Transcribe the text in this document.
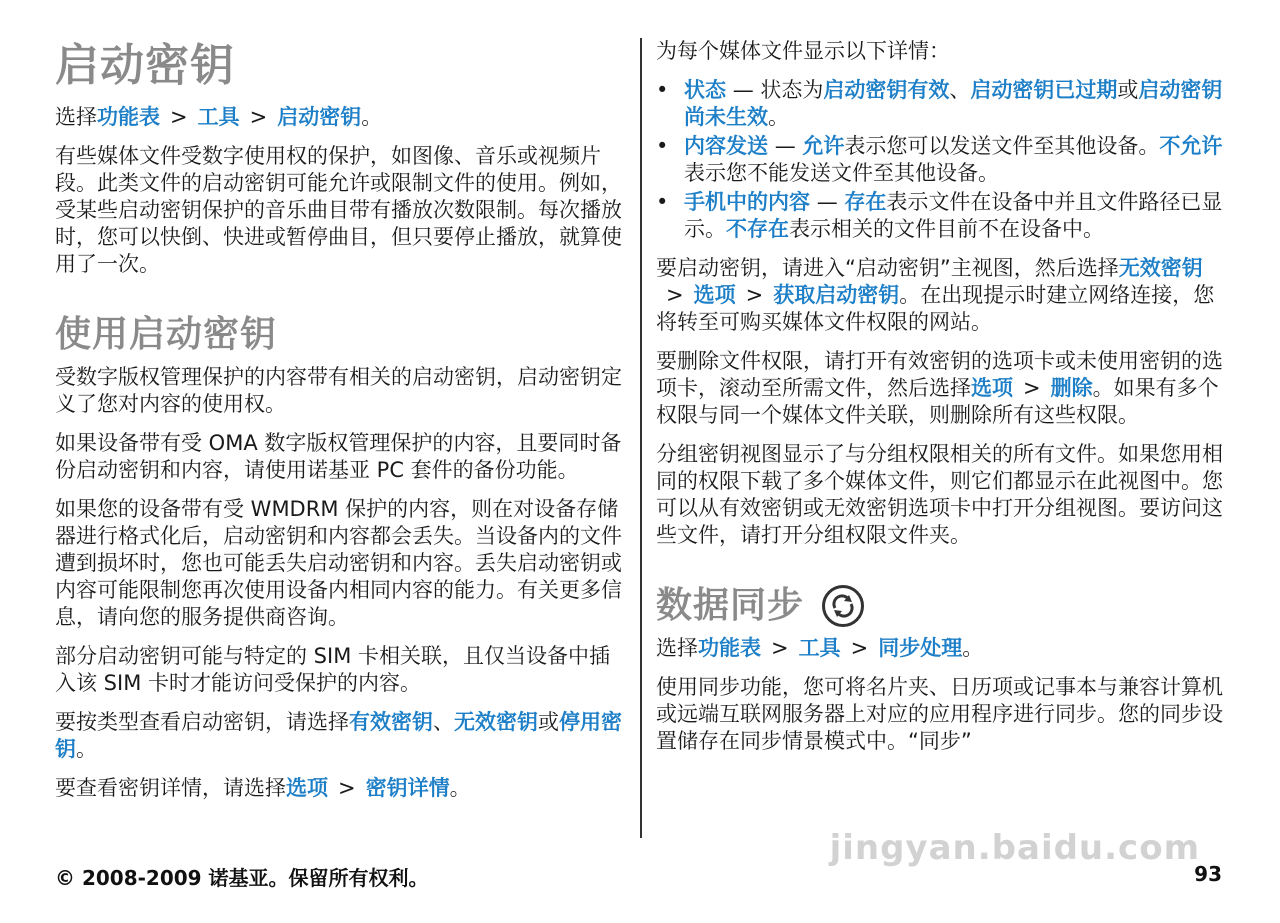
启动密钥

选择功能表 > 工具 > 启动密钥。

有些媒体文件受数字使用权的保护，如图像、音乐或视频片段。此类文件的启动密钥可能允许或限制文件的使用。例如，受某些启动密钥保护的音乐曲目带有播放次数限制。每次播放时，您可以快倒、快进或暂停曲目，但只要停止播放，就算使用了一次。

使用启动密钥

受数字版权管理保护的内容带有相关的启动密钥，启动密钥定义了您对内容的使用权。

如果设备带有受 OMA 数字版权管理保护的内容，且要同时备份启动密钥和内容，请使用诺基亚 PC 套件的备份功能。

如果您的设备带有受 WMDRM 保护的内容，则在对设备存储器进行格式化后，启动密钥和内容都会丢失。当设备内的文件遭到损坏时，您也可能丢失启动密钥和内容。丢失启动密钥或内容可能限制您再次使用设备内相同内容的能力。有关更多信息，请向您的服务提供商咨询。

部分启动密钥可能与特定的 SIM 卡相关联，且仅当设备中插入该 SIM 卡时才能访问受保护的内容。

要按类型查看启动密钥，请选择有效密钥、无效密钥或停用密钥。

要查看密钥详情，请选择选项 > 密钥详情。

为每个媒体文件显示以下详情：

• 状态 — 状态为启动密钥有效、启动密钥已过期或启动密钥尚未生效。
• 内容发送 — 允许表示您可以发送文件至其他设备。不允许表示您不能发送文件至其他设备。
• 手机中的内容 — 存在表示文件在设备中并且文件路径已显示。不存在表示相关的文件目前不在设备中。

要启动密钥，请进入“启动密钥”主视图，然后选择无效密钥> 选项 > 获取启动密钥。在出现提示时建立网络连接，您将转至可购买媒体文件权限的网站。

要删除文件权限，请打开有效密钥的选项卡或未使用密钥的选项卡，滚动至所需文件，然后选择选项 > 删除。如果有多个权限与同一个媒体文件关联，则删除所有这些权限。

分组密钥视图显示了与分组权限相关的所有文件。如果您用相同的权限下载了多个媒体文件，则它们都显示在此视图中。您可以从有效密钥或无效密钥选项卡中打开分组视图。要访问这些文件，请打开分组权限文件夹。

数据同步

选择功能表 > 工具 > 同步处理。

使用同步功能，您可将名片夹、日历项或记事本与兼容计算机或远端互联网服务器上对应的应用程序进行同步。您的同步设置储存在同步情景模式中。“同步”

jingyan.baidu.com
© 2008-2009 诺基亚。保留所有权利。	93
